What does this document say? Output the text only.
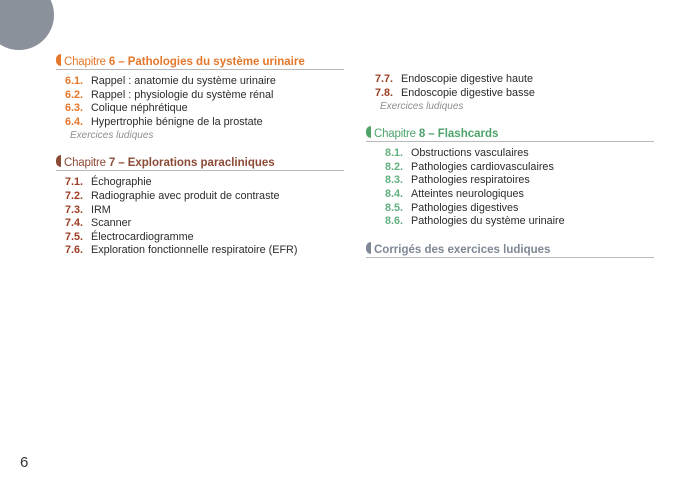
Chapitre 6 – Pathologies du système urinaire
6.1. Rappel : anatomie du système urinaire
6.2. Rappel : physiologie du système rénal
6.3. Colique néphrétique
6.4. Hypertrophie bénigne de la prostate
Exercices ludiques
Chapitre 7 – Explorations paracliniques
7.1. Échographie
7.2. Radiographie avec produit de contraste
7.3. IRM
7.4. Scanner
7.5. Électrocardiogramme
7.6. Exploration fonctionnelle respiratoire (EFR)
7.7. Endoscopie digestive haute
7.8. Endoscopie digestive basse
Exercices ludiques
Chapitre 8 – Flashcards
8.1. Obstructions vasculaires
8.2. Pathologies cardiovasculaires
8.3. Pathologies respiratoires
8.4. Atteintes neurologiques
8.5. Pathologies digestives
8.6. Pathologies du système urinaire
Corrigés des exercices ludiques
6
